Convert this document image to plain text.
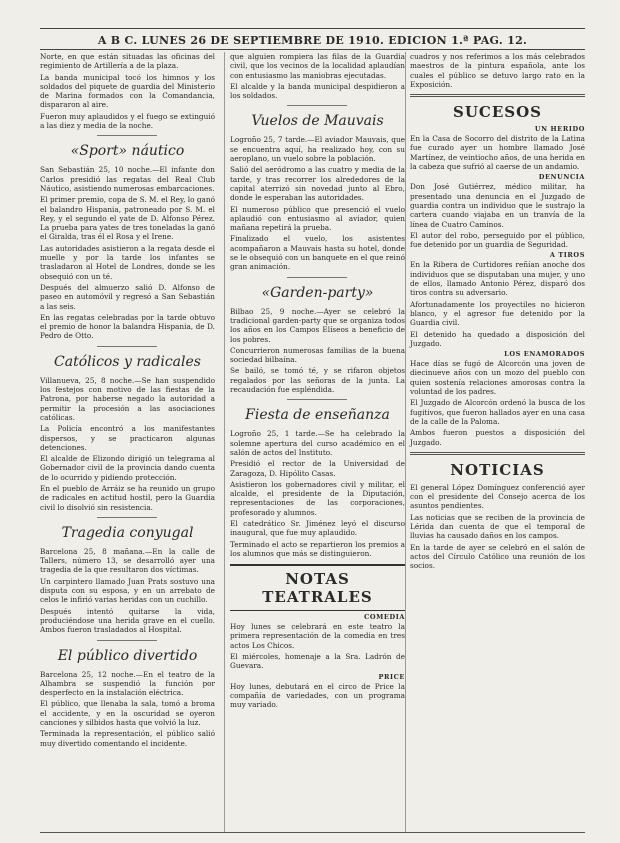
A B C. LUNES 26 DE SEPTIEMBRE DE 1910. EDICION 1.ª PAG. 12.

Norte, en que están situadas las oficinas del regimiento de Artillería a de la plaza.

La banda municipal tocó los himnos y los soldados del piquete de guardia del Ministerio de Marina formados con la Comandancia, dispararon al aire.

Fueron muy aplaudidos y el fuego se extinguió a las diez y media de la noche.

«Sport» náutico

San Sebastián 25, 10 noche.—El infante don Carlos presidió las regatas del Real Club Náutico, asistiendo numerosas embarcaciones.

El primer premio, copa de S. M. el Rey, lo ganó el balandro Hispania, patroneado por S. M. el Rey, y el segundo el yate de D. Alfonso Pérez. La prueba para yates de tres toneladas la ganó el Giralda, tras él el Rosa y el Irene.

Las autoridades asistieron a la regata desde el muelle y por la tarde los infantes se trasladaron al Hotel de Londres, donde se les obsequió con un té.

Después del almuerzo salió D. Alfonso de paseo en automóvil y regresó a San Sebastián a las seis.

En las regatas celebradas por la tarde obtuvo el premio de honor la balandra Hispania, de D. Pedro de Otto.

Católicos y radicales

Villanueva, 25, 8 noche.—Se han suspendido los festejos con motivo de las fiestas de la Patrona, por haberse negado la autoridad a permitir la procesión a las asociaciones católicas.

La Policía encontró a los manifestantes dispersos, y se practicaron algunas detenciones.

El alcalde de Elizondo dirigió un telegrama al Gobernador civil de la provincia dando cuenta de lo ocurrido y pidiendo protección.

En el pueblo de Arráiz se ha reunido un grupo de radicales en actitud hostil, pero la Guardia civil lo disolvió sin resistencia.

Tragedia conyugal

Barcelona 25, 8 mañana.—En la calle de Tallers, número 13, se desarrolló ayer una tragedia de la que resultaron dos víctimas.

Un carpintero llamado Juan Prats sostuvo una disputa con su esposa, y en un arrebato de celos le infirió varias heridas con un cuchillo.

Después intentó quitarse la vida, produciéndose una herida grave en el cuello. Ambos fueron trasladados al Hospital.

El público divertido

Barcelona 25, 12 noche.—En el teatro de la Alhambra se suspendió la función por desperfecto en la instalación eléctrica.

El público, que llenaba la sala, tomó a broma el accidente, y en la oscuridad se oyeron canciones y silbidos hasta que volvió la luz.

Terminada la representación, el público salió muy divertido comentando el incidente.

que alguien rompiera las filas de la Guardia civil, que los vecinos de la localidad aplaudían con entusiasmo las maniobras ejecutadas.

El alcalde y la banda municipal despidieron a los soldados.

Vuelos de Mauvais

Logroño 25, 7 tarde.—El aviador Mauvais, que se encuentra aquí, ha realizado hoy, con su aeroplano, un vuelo sobre la población.

Salió del aeródromo a las cuatro y media de la tarde, y tras recorrer los alrededores de la capital aterrizó sin novedad junto al Ebro, donde le esperaban las autoridades.

El numeroso público que presenció el vuelo aplaudió con entusiasmo al aviador, quien mañana repetirá la prueba.

Finalizado el vuelo, los asistentes acompañaron a Mauvais hasta su hotel, donde se le obsequió con un banquete en el que reinó gran animación.

«Garden-party»

Bilbao 25, 9 noche.—Ayer se celebró la tradicional garden-party que se organiza todos los años en los Campos Elíseos a beneficio de los pobres.

Concurrieron numerosas familias de la buena sociedad bilbaína.

Se bailó, se tomó té, y se rifaron objetos regalados por las señoras de la junta. La recaudación fue espléndida.

Fiesta de enseñanza

Logroño 25, 1 tarde.—Se ha celebrado la solemne apertura del curso académico en el salón de actos del Instituto.

Presidió el rector de la Universidad de Zaragoza, D. Hipólito Casas.

Asistieron los gobernadores civil y militar, el alcalde, el presidente de la Diputación, representaciones de las corporaciones, profesorado y alumnos.

El catedrático Sr. Jiménez leyó el discurso inaugural, que fue muy aplaudido.

Terminado el acto se repartieron los premios a los alumnos que más se distinguieron.

NOTAS TEATRALES
COMEDIA

Hoy lunes se celebrará en este teatro la primera representación de la comedia en tres actos Los Chicos.

El miércoles, homenaje a la Sra. Ladrón de Guevara.

PRICE

Hoy lunes, debutará en el circo de Price la compañía de variedades, con un programa muy variado.

cuadros y nos referimos a los más celebrados maestros de la pintura española, ante los cuales el público se detuvo largo rato en la Exposición.

SUCESOS
UN HERIDO

En la Casa de Socorro del distrito de la Latina fue curado ayer un hombre llamado José Martínez, de veintiocho años, de una herida en la cabeza que sufrió al caerse de un andamio.

DENUNCIA

Don José Gutiérrez, médico militar, ha presentado una denuncia en el Juzgado de guardia contra un individuo que le sustrajo la cartera cuando viajaba en un tranvía de la línea de Cuatro Caminos.

El autor del robo, perseguido por el público, fue detenido por un guardia de Seguridad.

A TIROS

En la Ribera de Curtidores reñían anoche dos individuos que se disputaban una mujer, y uno de ellos, llamado Antonio Pérez, disparó dos tiros contra su adversario.

Afortunadamente los proyectiles no hicieron blanco, y el agresor fue detenido por la Guardia civil.

El detenido ha quedado a disposición del Juzgado.

LOS ENAMORADOS

Hace días se fugó de Alcorcón una joven de diecinueve años con un mozo del pueblo con quien sostenía relaciones amorosas contra la voluntad de los padres.

El Juzgado de Alcorcón ordenó la busca de los fugitivos, que fueron hallados ayer en una casa de la calle de la Paloma.

Ambos fueron puestos a disposición del Juzgado.

NOTICIAS

El general López Domínguez conferenció ayer con el presidente del Consejo acerca de los asuntos pendientes.

Las noticias que se reciben de la provincia de Lérida dan cuenta de que el temporal de lluvias ha causado daños en los campos.

En la tarde de ayer se celebró en el salón de actos del Círculo Católico una reunión de los socios.
